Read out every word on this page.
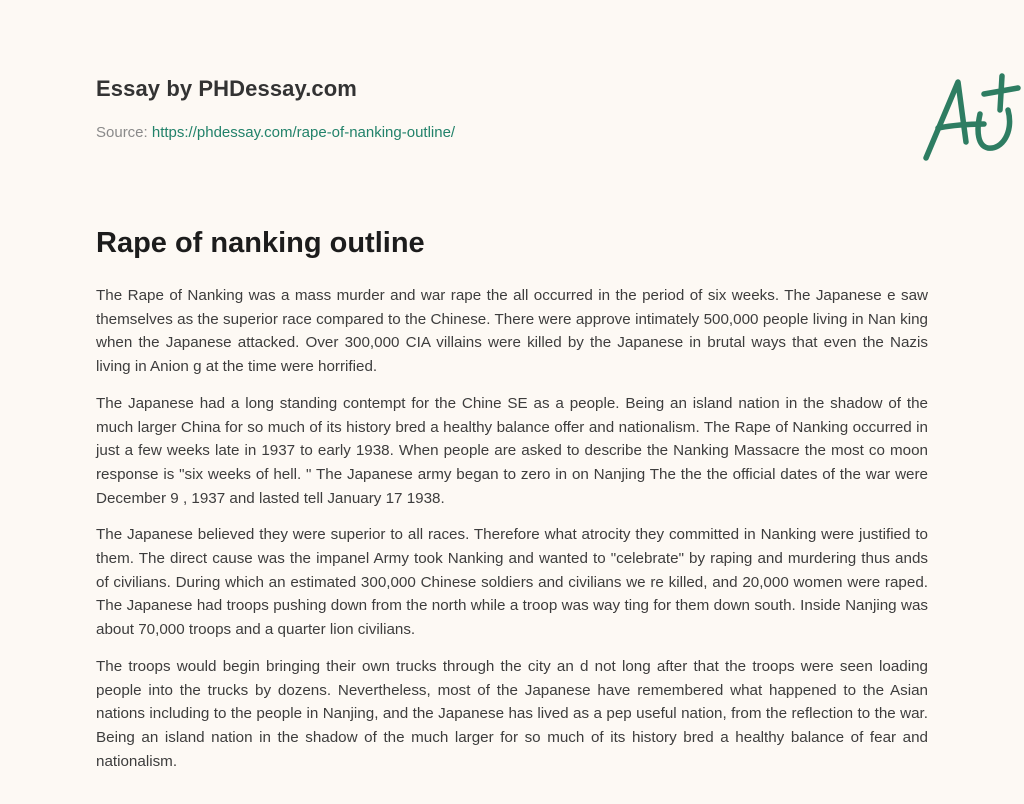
Essay by PHDessay.com
Source: https://phdessay.com/rape-of-nanking-outline/
Rape of nanking outline

The Rape of Nanking was a mass murder and war rape the all occurred in the period of six weeks. The Japanese e saw themselves as the superior race compared to the Chinese. There were approve intimately 500,000 people living in Nan king when the Japanese attacked. Over 300,000 CIA villains were killed by the Japanese in brutal ways that even the Nazis living in Anion g at the time were horrified.

The Japanese had a long standing contempt for the Chine SE as a people. Being an island nation in the shadow of the much larger China for so much of its history bred a healthy balance offer and nationalism. The Rape of Nanking occurred in just a few weeks late in 1937 to early 1938. When people are asked to describe the Nanking Massacre the most co moon response is "six weeks of hell. " The Japanese army began to zero in on Nanjing The the the official dates of the war were December 9 , 1937 and lasted tell January 17 1938.

The Japanese believed they were superior to all races. Therefore what atrocity they committed in Nanking were justified to them. The direct cause was the impanel Army took Nanking and wanted to "celebrate" by raping and murdering thus ands of civilians. During which an estimated 300,000 Chinese soldiers and civilians we re killed, and 20,000 women were raped. The Japanese had troops pushing down from the north while a troop was way ting for them down south. Inside Nanjing was about 70,000 troops and a quarter lion civilians.

The troops would begin bringing their own trucks through the city an d not long after that the troops were seen loading people into the trucks by dozens. Nevertheless, most of the Japanese have remembered what happened to the Asian nations including to the people in Nanjing, and the Japanese has lived as a pep useful nation, from the reflection to the war. Being an island nation in the shadow of the much larger for so much of its history bred a healthy balance of fear and nationalism.
